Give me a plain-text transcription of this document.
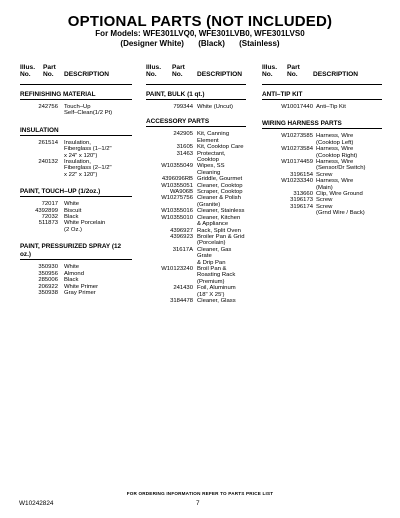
OPTIONAL PARTS (NOT INCLUDED)
For Models: WFE301LVQ0, WFE301LVB0, WFE301LVS0
(Designer White) (Black) (Stainless)
Illus. Part
No. No. DESCRIPTION
REFINISHING MATERIAL
242756 Touch–Up
Self–Clean(1/2 Pt)
INSULATION
261514 Insulation,
Fiberglass (1–1/2"
x 24" x 120")
240132 Insulation,
Fiberglass (2–1/2"
x 22" x 120")
PAINT, TOUCH–UP (1/2oz.)
72017 White
4392899 Biscuit
72032 Black
511873 White Porcelain
(2 Oz.)
PAINT, PRESSURIZED SPRAY (12 oz.)
350930 White
350956 Almond
285006 Black
206922 White Primer
350938 Gray Primer
Illus. Part
No. No. DESCRIPTION
PAINT, BULK (1 qt.)
799344 White (Uncut)
ACCESSORY PARTS
242905 Kit, Canning
Element
31605 Kit, Cooktop Care
31463 Protectant,
Cooktop
W10355049 Wipes, SS Cleaning
4396096RB Griddle, Gourmet
W10355051 Cleaner, Cooktop
WA906B Scraper, Cooktop
W10275756 Cleaner & Polish
(Granite)
W10355016 Cleaner, Stainless
W10355010 Cleaner, Kitchen
& Appliance
4396927 Rack, Split Oven
4396923 Broiler Pan & Grid
(Porcelain)
31617A Cleaner, Gas Grate
& Drip Pan
W10123240 Broil Pan &
Roasting Rack
(Premium)
241430 Foil, Aluminum
(18" X 25')
3184478 Cleaner, Glass
Illus. Part
No. No. DESCRIPTION
ANTI–TIP KIT
W10017440 Anti–Tip Kit
WIRING HARNESS PARTS
W10273585 Harness, Wire
(Cooktop Left)
W10273584 Harness, Wire
(Cooktop Right)
W10174459 Harness, Wire
(Sensor/Dr Switch)
3196154 Screw
W10233340 Harness, Wire
(Main)
313660 Clip, Wire Ground
3196173 Screw
3196174 Screw
(Grnd Wire / Back)
FOR ORDERING INFORMATION REFER TO PARTS PRICE LIST
W10242824	7
